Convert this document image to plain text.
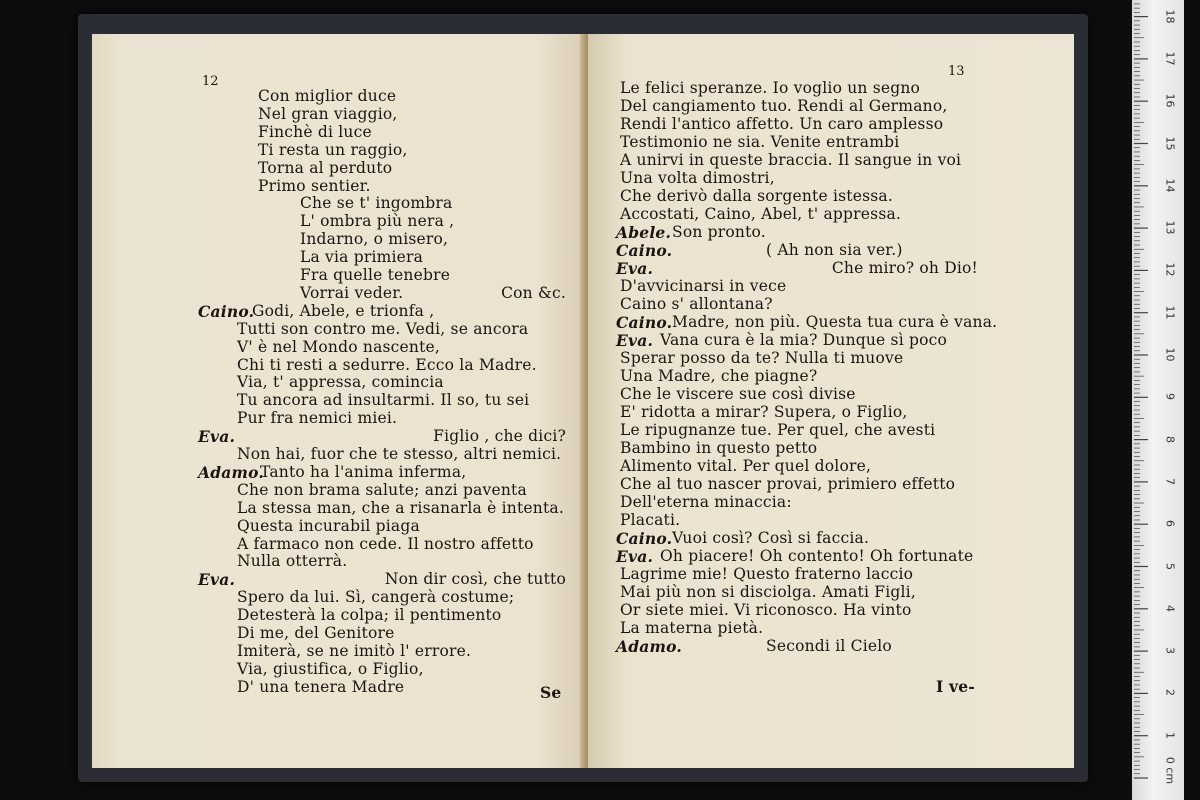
12
Con miglior duce
Nel gran viaggio,
Finchè di luce
Ti resta un raggio,
Torna al perduto
Primo sentier.
Che se t' ingombra
L' ombra più nera ,
Indarno, o misero,
La via primiera
Fra quelle tenebre
Vorrai veder.	Con &c.
Caino.
Godi, Abele, e trionfa ,
Tutti son contro me. Vedi, se ancora
V' è nel Mondo nascente,
Chi ti resti a sedurre. Ecco la Madre.
Via, t' appressa, comincia
Tu ancora ad insultarmi. Il so, tu sei
Pur fra nemici miei.
Eva.	Figlio , che dici?
Non hai, fuor che te stesso, altri nemici.
Adamo.
Tanto ha l'anima inferma,
Che non brama salute; anzi paventa
La stessa man, che a risanarla è intenta.
Questa incurabil piaga
A farmaco non cede. Il nostro affetto
Nulla otterrà.
Eva.	Non dir così, che tutto
Spero da lui. Sì, cangerà costume;
Detesterà la colpa; il pentimento
Di me, del Genitore
Imiterà, se ne imitò l' errore.
Via, giustifica, o Figlio,
D' una tenera Madre	Se
13
Le felici speranze. Io voglio un segno
Del cangiamento tuo. Rendi al Germano,
Rendi l'antico affetto. Un caro amplesso
Testimonio ne sia. Venite entrambi
A unirvi in queste braccia. Il sangue in voi
Una volta dimostri,
Che derivò dalla sorgente istessa.
Accostati, Caino, Abel, t' appressa.
Abele. Son pronto.
Caino.	( Ah non sia ver.)
Eva.	Che miro? oh Dio!
D'avvicinarsi in vece
Caino s' allontana?
Caino. Madre, non più. Questa tua cura è vana.
Eva. Vana cura è la mia? Dunque sì poco
Sperar posso da te? Nulla ti muove
Una Madre, che piagne?
Che le viscere sue così divise
E' ridotta a mirar? Supera, o Figlio,
Le ripugnanze tue. Per quel, che avesti
Bambino in questo petto
Alimento vital. Per quel dolore,
Che al tuo nascer provai, primiero effetto
Dell'eterna minaccia:
Placati.
Caino. Vuoi così? Così si faccia.
Eva. Oh piacere! Oh contento! Oh fortunate
Lagrime mie! Questo fraterno laccio
Mai più non si disciolga. Amati Figli,
Or siete miei. Vi riconosco. Ha vinto
La materna pietà.
Adamo.	Secondi il Cielo
I ve-
1
2
3
4
5
6
7
8
9
10
11
12
13
14
15
16
17
18
0 cm
